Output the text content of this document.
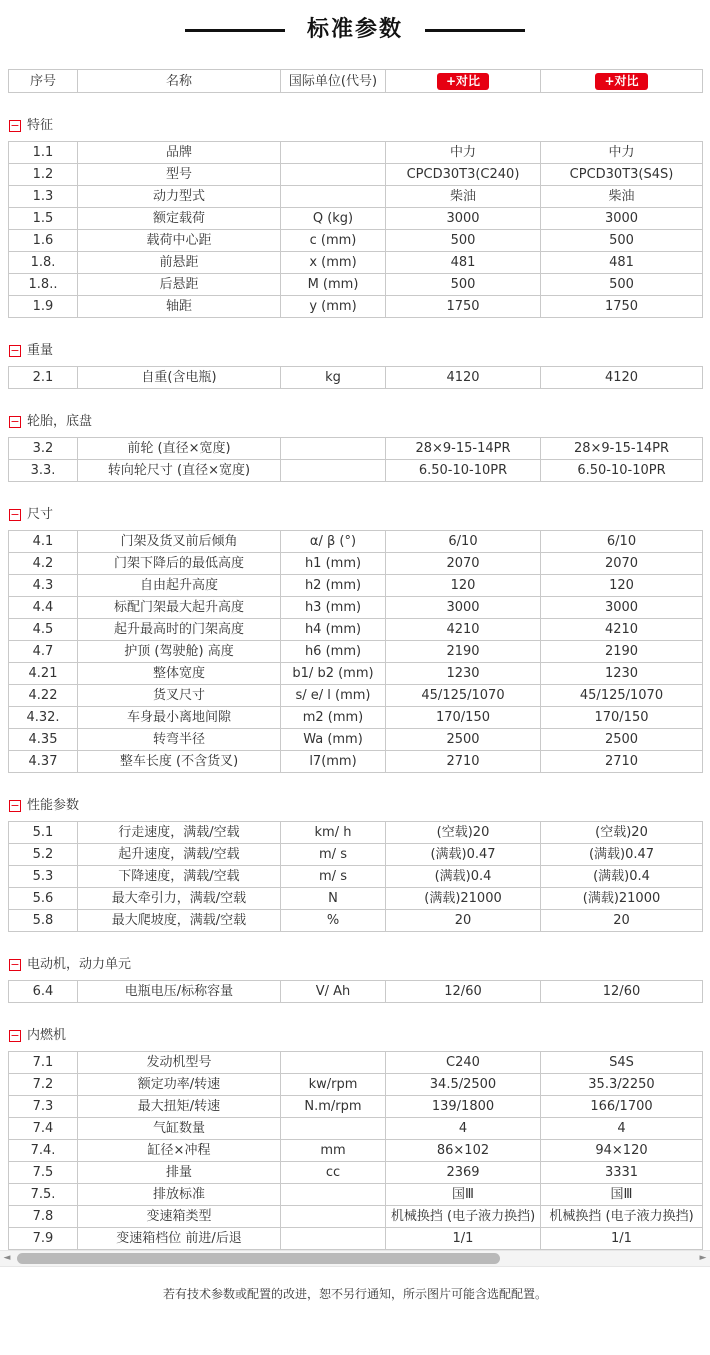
标准参数
序号	名称	国际单位(代号)	+对比	+对比
− 特征
1.1	品牌		中力	中力
1.2	型号		CPCD30T3(C240)	CPCD30T3(S4S)
1.3	动力型式		柴油	柴油
1.5	额定载荷	Q (kg)	3000	3000
1.6	载荷中心距	c (mm)	500	500
1.8.	前悬距	x (mm)	481	481
1.8..	后悬距	M (mm)	500	500
1.9	轴距	y (mm)	1750	1750
− 重量
2.1	自重(含电瓶)	kg	4120	4120
− 轮胎，底盘
3.2	前轮 (直径×宽度)		28×9-15-14PR	28×9-15-14PR
3.3.	转向轮尺寸 (直径×宽度)		6.50-10-10PR	6.50-10-10PR
− 尺寸
4.1	门架及货叉前后倾角	α/ β (°)	6/10	6/10
4.2	门架下降后的最低高度	h1 (mm)	2070	2070
4.3	自由起升高度	h2 (mm)	120	120
4.4	标配门架最大起升高度	h3 (mm)	3000	3000
4.5	起升最高时的门架高度	h4 (mm)	4210	4210
4.7	护顶 (驾驶舱) 高度	h6 (mm)	2190	2190
4.21	整体宽度	b1/ b2 (mm)	1230	1230
4.22	货叉尺寸	s/ e/ l (mm)	45/125/1070	45/125/1070
4.32.	车身最小离地间隙	m2 (mm)	170/150	170/150
4.35	转弯半径	Wa (mm)	2500	2500
4.37	整车长度 (不含货叉)	l7(mm)	2710	2710
− 性能参数
5.1	行走速度，满载/空载	km/ h	(空载)20	(空载)20
5.2	起升速度，满载/空载	m/ s	(满载)0.47	(满载)0.47
5.3	下降速度，满载/空载	m/ s	(满载)0.4	(满载)0.4
5.6	最大牵引力，满载/空载	N	(满载)21000	(满载)21000
5.8	最大爬坡度，满载/空载	%	20	20
− 电动机，动力单元
6.4	电瓶电压/标称容量	V/ Ah	12/60	12/60
− 内燃机
7.1	发动机型号		C240	S4S
7.2	额定功率/转速	kw/rpm	34.5/2500	35.3/2250
7.3	最大扭矩/转速	N.m/rpm	139/1800	166/1700
7.4	气缸数量		4	4
7.4.	缸径×冲程	mm	86×102	94×120
7.5	排量	cc	2369	3331
7.5.	排放标准		国Ⅲ	国Ⅲ
7.8	变速箱类型		机械换挡 (电子液力换挡)	机械换挡 (电子液力换挡)
7.9	变速箱档位 前进/后退		1/1	1/1
◄	►
若有技术参数或配置的改进，恕不另行通知，所示图片可能含选配配置。
